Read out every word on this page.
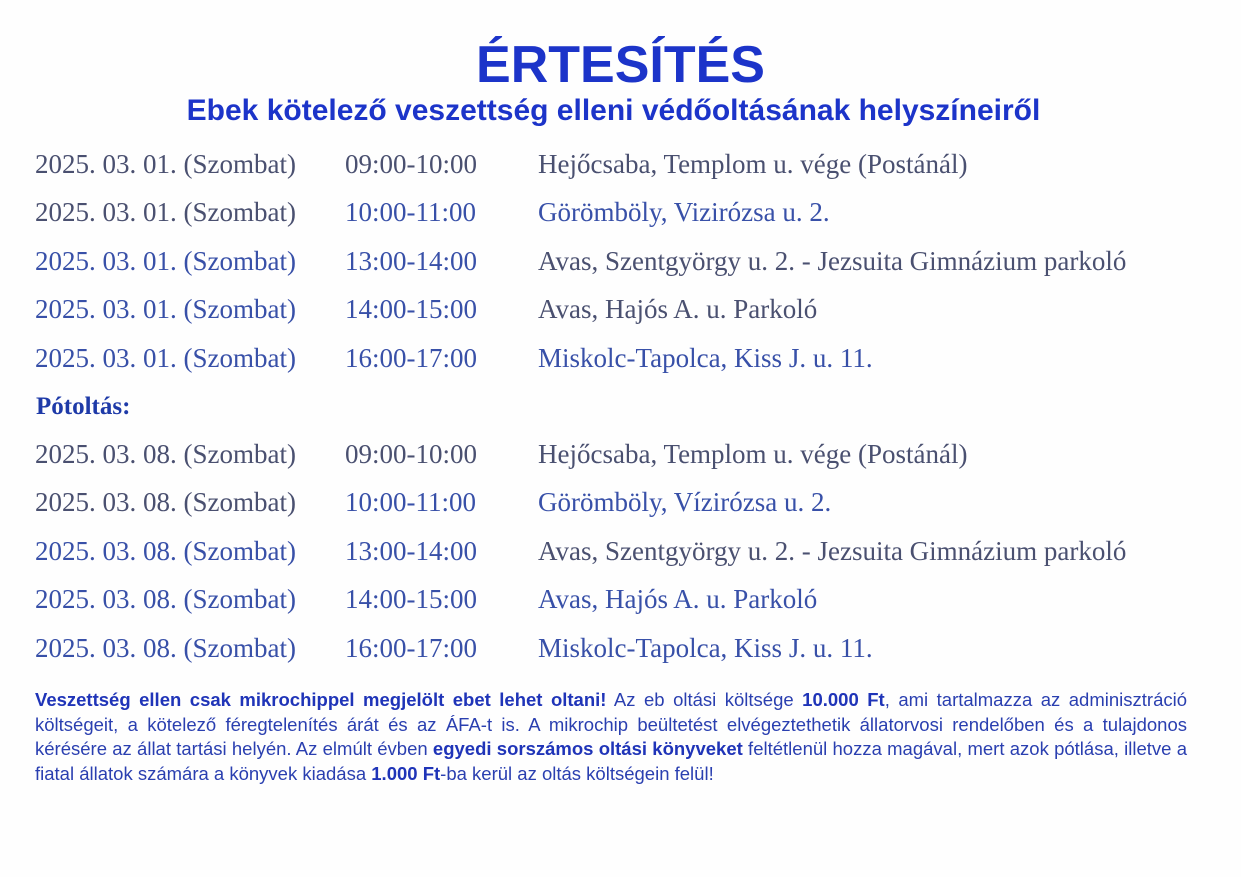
ÉRTESÍTÉS
Ebek kötelező veszettség elleni védőoltásának helyszíneiről
2025. 03. 01. (Szombat) 09:00-10:00 Hejőcsaba, Templom u. vége (Postánál)
2025. 03. 01. (Szombat) 10:00-11:00 Görömböly, Vizirózsa u. 2.
2025. 03. 01. (Szombat) 13:00-14:00 Avas, Szentgyörgy u. 2. - Jezsuita Gimnázium parkoló
2025. 03. 01. (Szombat) 14:00-15:00 Avas, Hajós A. u. Parkoló
2025. 03. 01. (Szombat) 16:00-17:00 Miskolc-Tapolca, Kiss J. u. 11.
Pótoltás:
2025. 03. 08. (Szombat) 09:00-10:00 Hejőcsaba, Templom u. vége (Postánál)
2025. 03. 08. (Szombat) 10:00-11:00 Görömböly, Vízirózsa u. 2.
2025. 03. 08. (Szombat) 13:00-14:00 Avas, Szentgyörgy u. 2. - Jezsuita Gimnázium parkoló
2025. 03. 08. (Szombat) 14:00-15:00 Avas, Hajós A. u. Parkoló
2025. 03. 08. (Szombat) 16:00-17:00 Miskolc-Tapolca, Kiss J. u. 11.
Veszettség ellen csak mikrochippel megjelölt ebet lehet oltani! Az eb oltási költsége 10.000 Ft, ami tartalmazza az adminisztráció költségeit, a kötelező féregtelenítés árát és az ÁFA-t is. A mikrochip beültetést elvégeztethetik állatorvosi rendelőben és a tulajdonos kérésére az állat tartási helyén. Az elmúlt évben egyedi sorszámos oltási könyveket feltétlenül hozza magával, mert azok pótlása, illetve a fiatal állatok számára a könyvek kiadása 1.000 Ft-ba kerül az oltás költségein felül!
